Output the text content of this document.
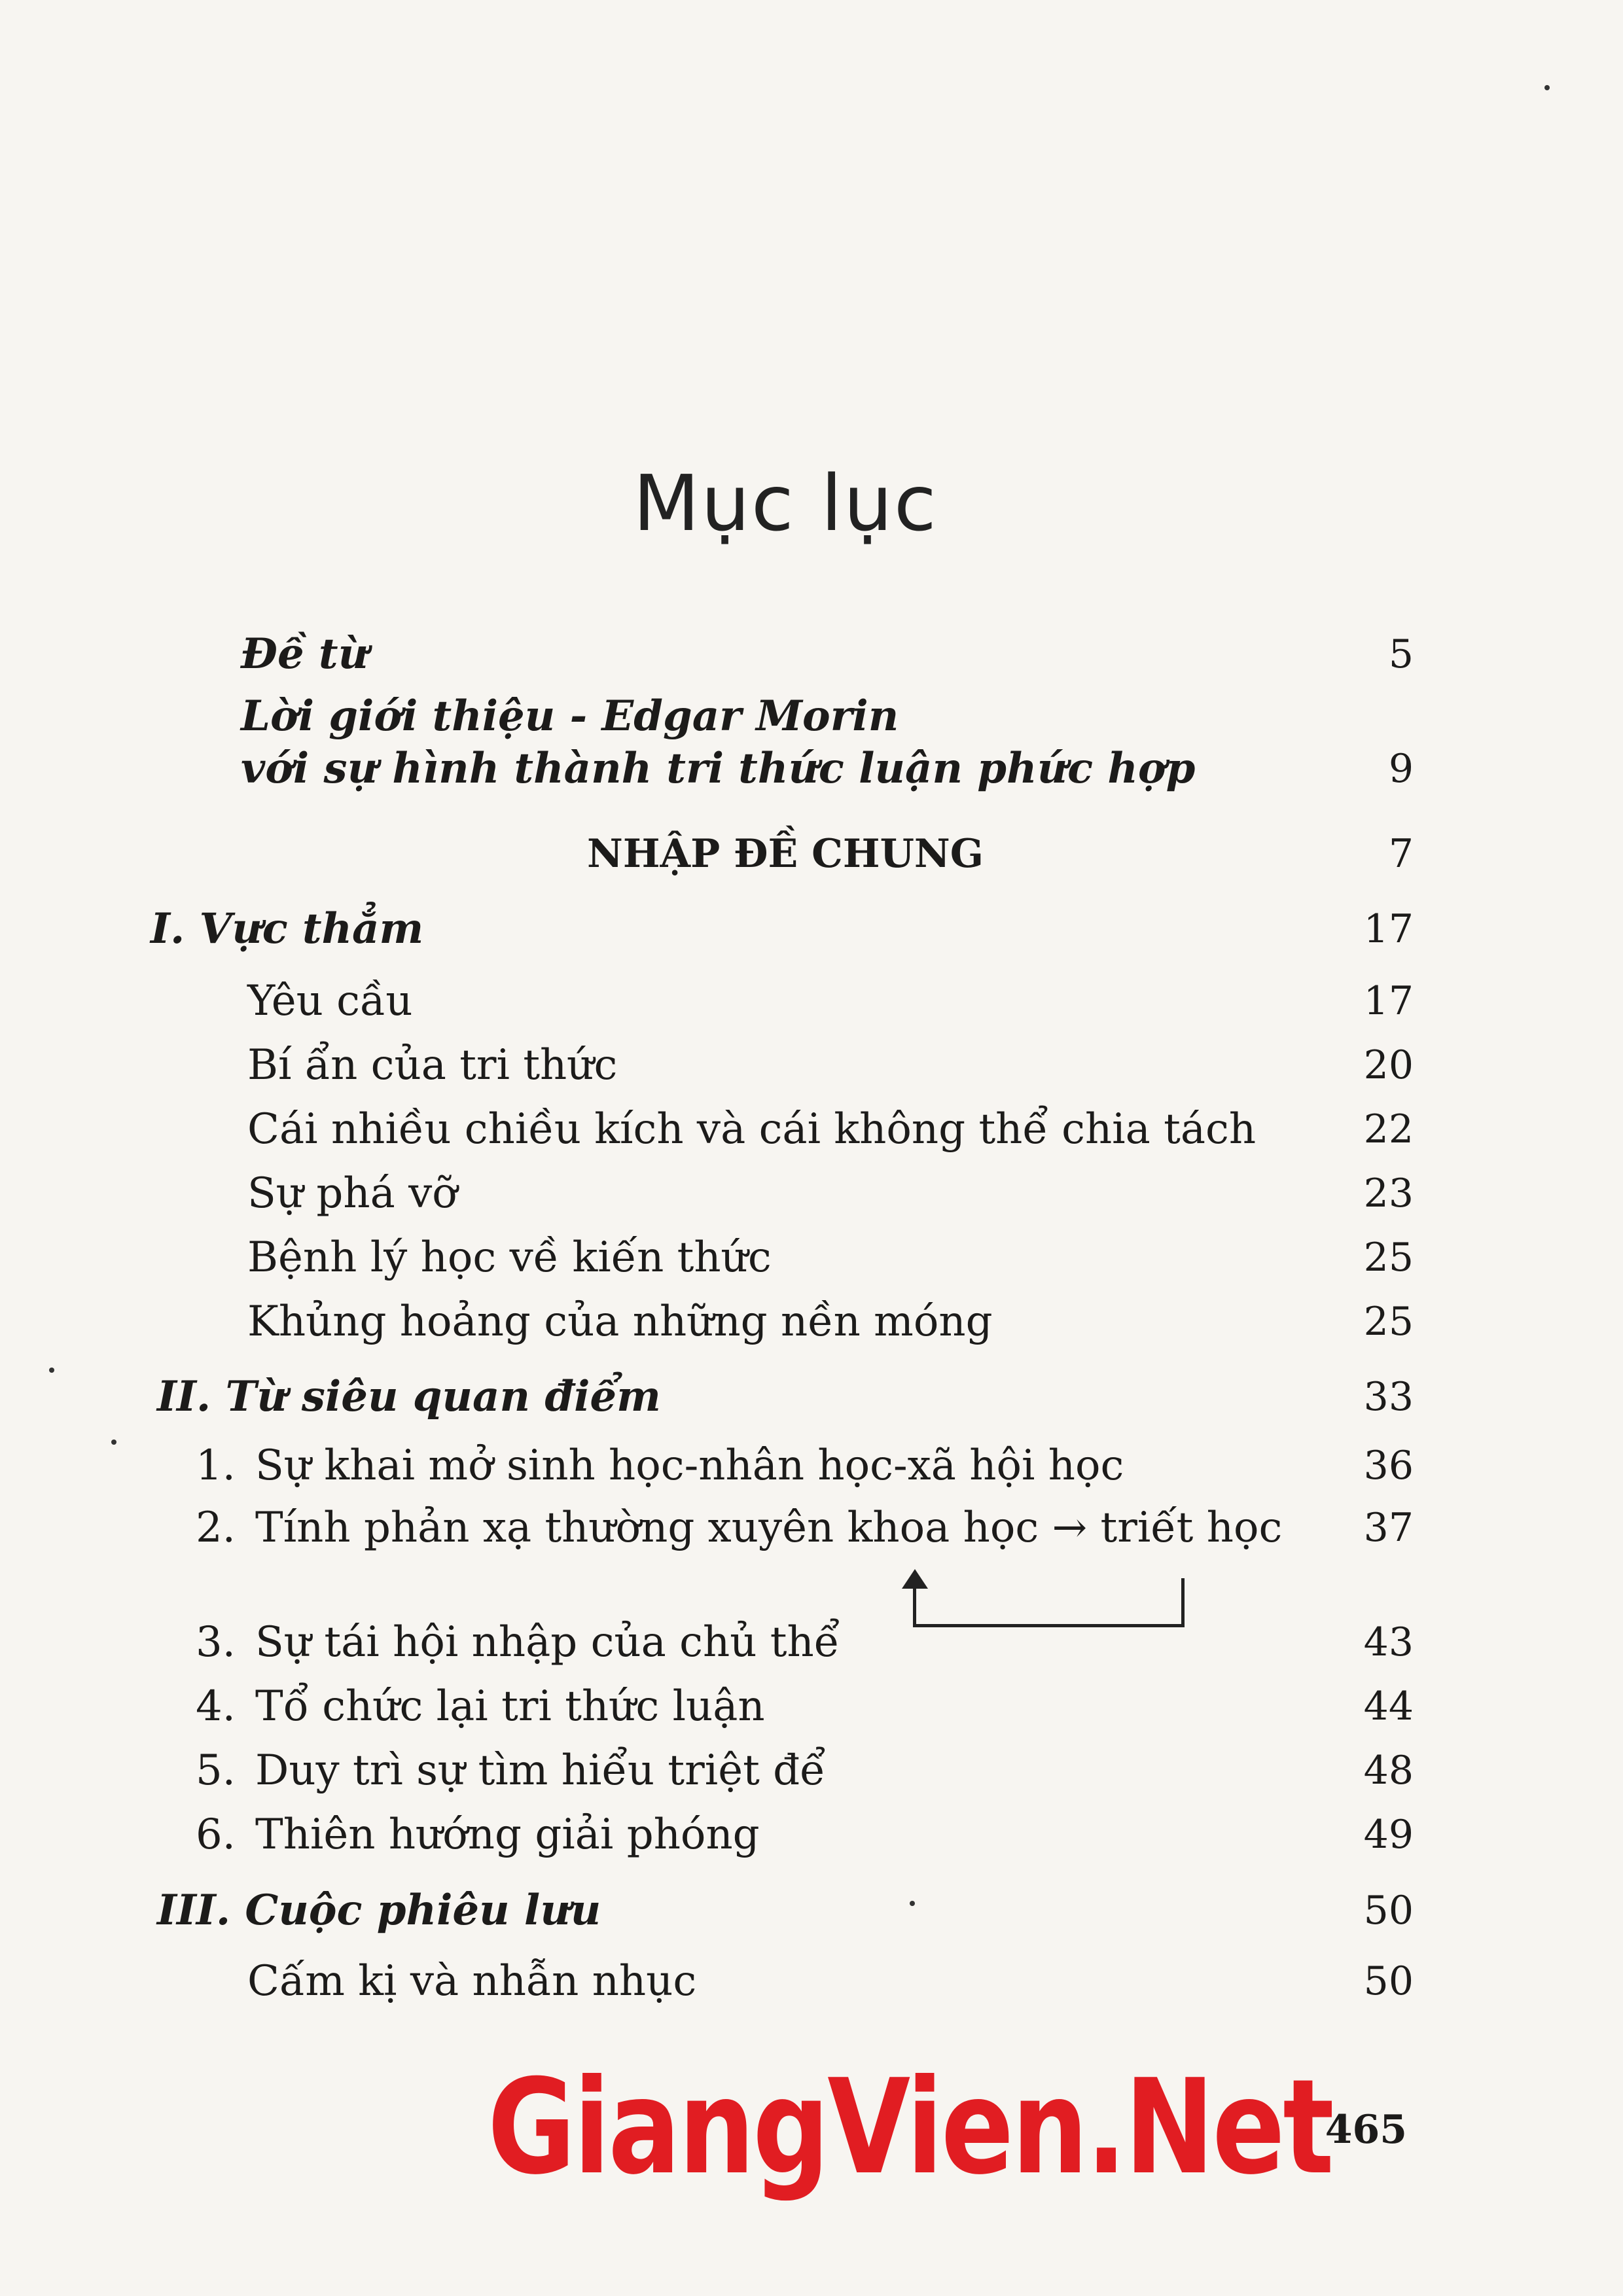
Mục lục
Đề từ	5
Lời giới thiệu - Edgar Morin
với sự hình thành tri thức luận phức hợp	9
NHẬP ĐỀ CHUNG	7
I. Vực thẳm	17
Yêu cầu	17
Bí ẩn của tri thức	20
Cái nhiều chiều kích và cái không thể chia tách	22
Sự phá vỡ	23
Bệnh lý học về kiến thức	25
Khủng hoảng của những nền móng	25
II. Từ siêu quan điểm	33
1. Sự khai mở sinh học-nhân học-xã hội học	36
2. Tính phản xạ thường xuyên khoa học → triết học	37
3. Sự tái hội nhập của chủ thể	43
4. Tổ chức lại tri thức luận	44
5. Duy trì sự tìm hiểu triệt để	48
6. Thiên hướng giải phóng	49
III. Cuộc phiêu lưu	50
Cấm kị và nhẫn nhục	50
GiangVien.Net
465
